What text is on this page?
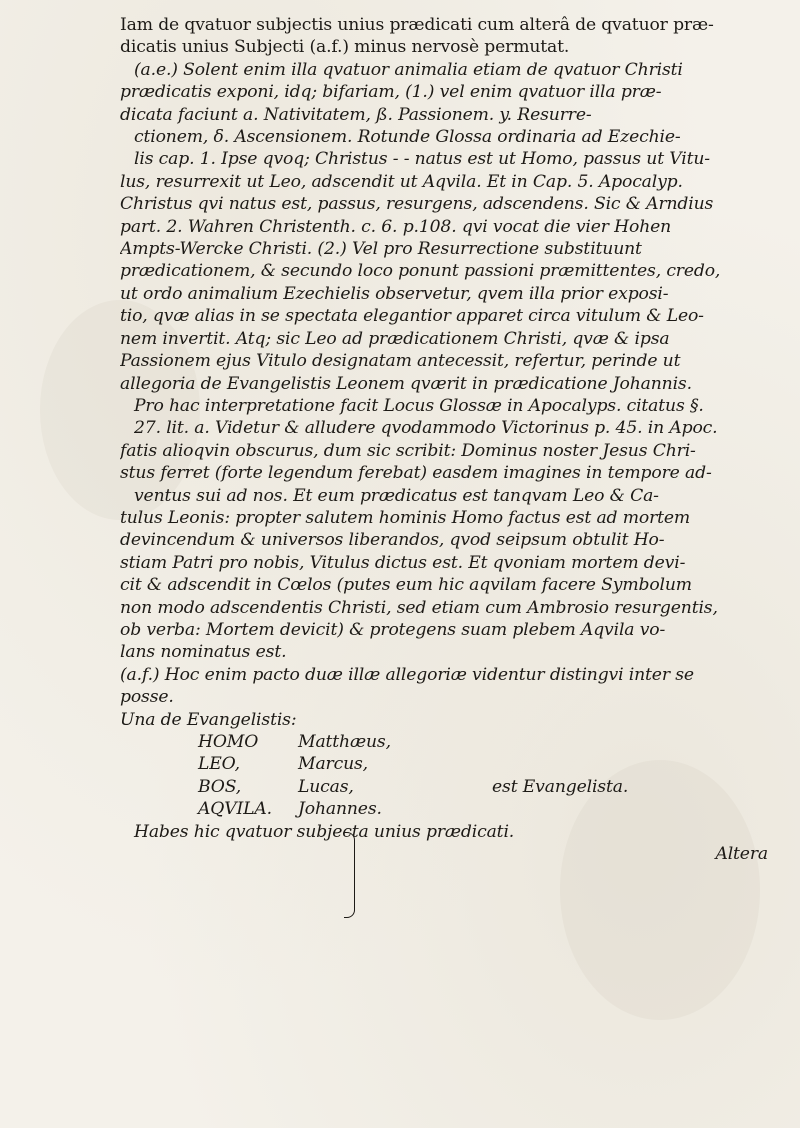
Iam de qvatuor subjectis unius prædicati cum alterâ de qvatuor præ-
dicatis unius Subjecti (a.f.) minus nervosè permutat.
(a.e.) Solent enim illa qvatuor animalia etiam de qvatuor Christi
prædicatis exponi, idq; bifariam, (1.) vel enim qvatuor illa præ-
dicata faciunt a. Nativitatem, ß. Passionem. y. Resurre-
ctionem, δ. Ascensionem. Rotunde Glossa ordinaria ad Ezechie-
lis cap. 1. Ipse qvoq; Christus - - natus est ut Homo, passus ut Vitu-
lus, resurrexit ut Leo, adscendit ut Aqvila. Et in Cap. 5. Apocalyp.
Christus qvi natus est, passus, resurgens, adscendens. Sic & Arndius
part. 2. Wahren Christenth. c. 6. p.108. qvi vocat die vier Hohen
Ampts-Wercke Christi. (2.) Vel pro Resurrectione substituunt
prædicationem, & secundo loco ponunt passioni præmittentes, credo,
ut ordo animalium Ezechielis observetur, qvem illa prior exposi-
tio, qvæ alias in se spectata elegantior apparet circa vitulum & Leo-
nem invertit. Atq; sic Leo ad prædicationem Christi, qvæ & ipsa
Passionem ejus Vitulo designatam antecessit, refertur, perinde ut
allegoria de Evangelistis Leonem qværit in prædicatione Johannis.
Pro hac interpretatione facit Locus Glossæ in Apocalyps. citatus §.
27. lit. a. Videtur & alludere qvodammodo Victorinus p. 45. in Apoc.
fatis alioqvin obscurus, dum sic scribit: Dominus noster Jesus Chri-
stus ferret (forte legendum ferebat) easdem imagines in tempore ad-
ventus sui ad nos. Et eum prædicatus est tanqvam Leo & Ca-
tulus Leonis: propter salutem hominis Homo factus est ad mortem
devincendum & universos liberandos, qvod seipsum obtulit Ho-
stiam Patri pro nobis, Vitulus dictus est. Et qvoniam mortem devi-
cit & adscendit in Cœlos (putes eum hic aqvilam facere Symbolum
non modo adscendentis Christi, sed etiam cum Ambrosio resurgentis,
ob verba: Mortem devicit) & protegens suam plebem Aqvila vo-
lans nominatus est.
(a.f.) Hoc enim pacto duæ illæ allegoriæ videntur distingvi inter se
posse.
Una de Evangelistis:
HOMO Matthæus,
LEO,	Marcus,
BOS,	Lucas,	est Evangelista.
AQVILA. Johannes.
Habes hic qvatuor subjecta unius prædicati.
Altera
